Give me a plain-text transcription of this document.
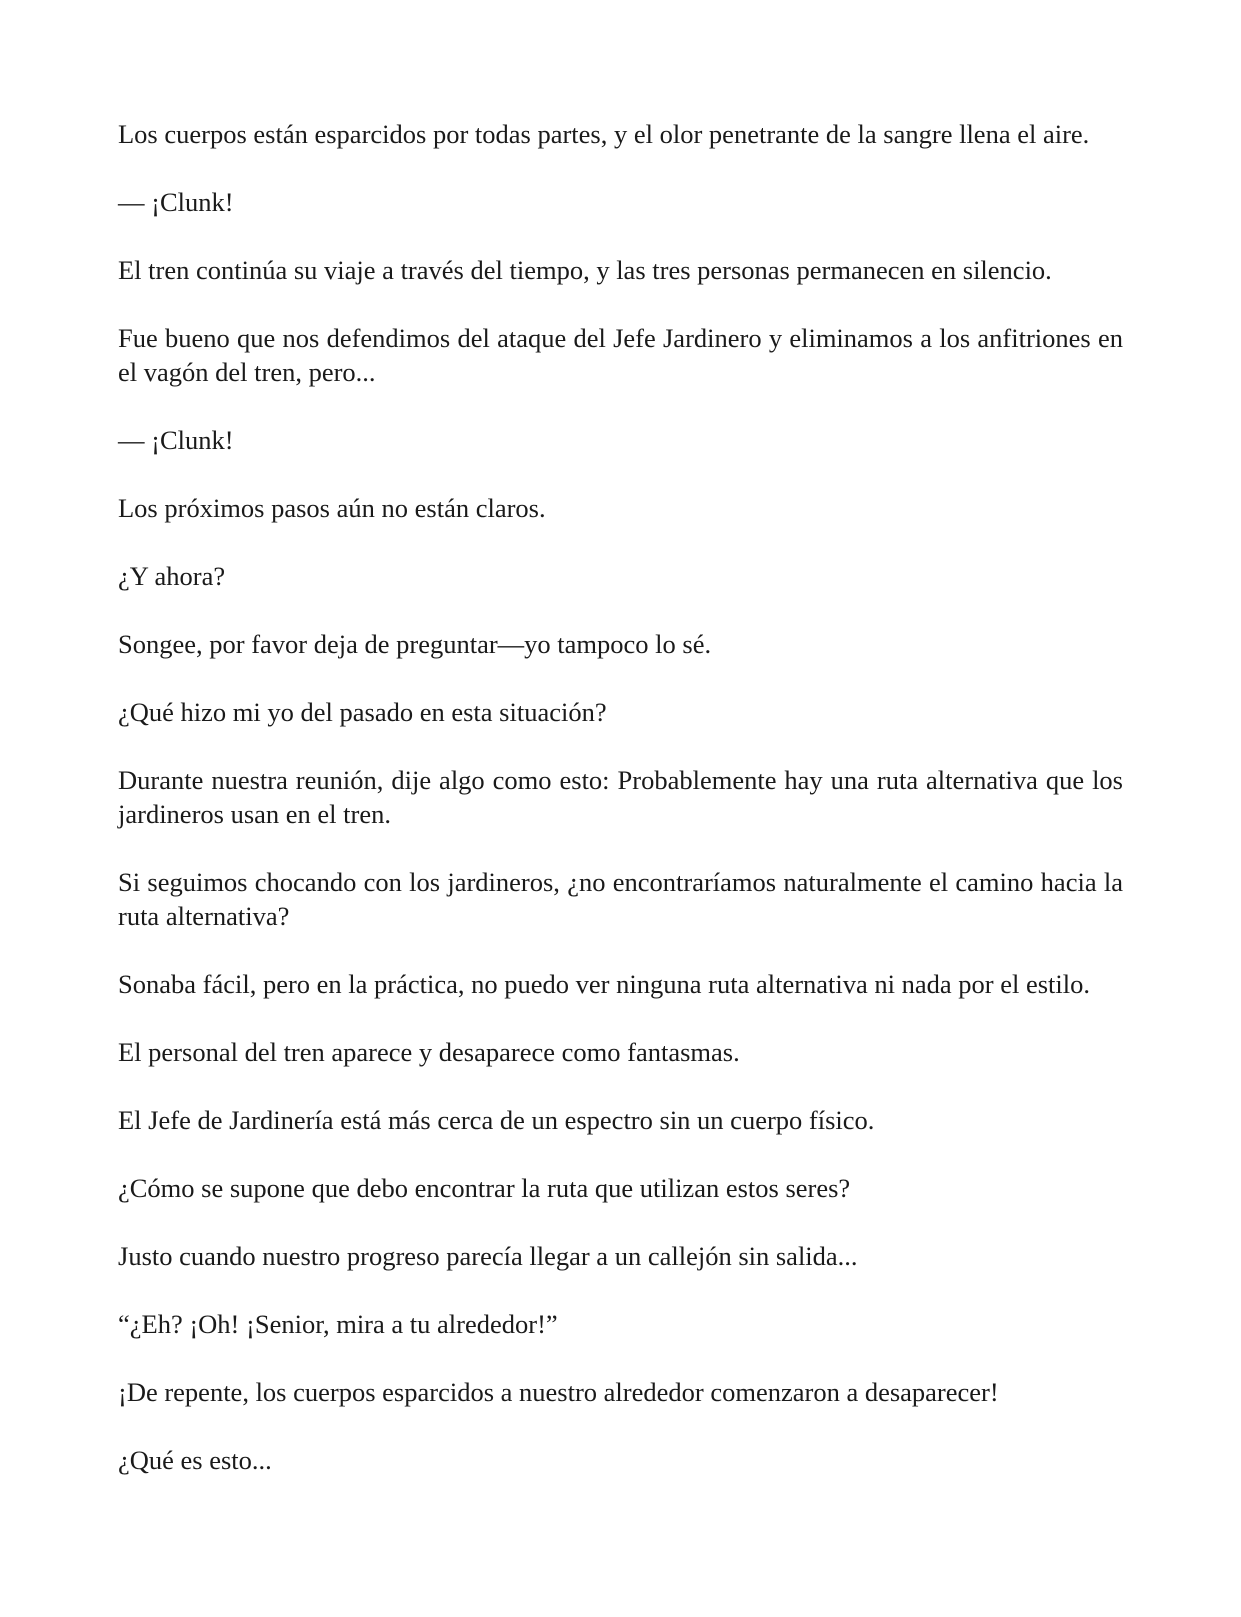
Los cuerpos están esparcidos por todas partes, y el olor penetrante de la sangre llena el aire.

— ¡Clunk!

El tren continúa su viaje a través del tiempo, y las tres personas permanecen en silencio.

Fue bueno que nos defendimos del ataque del Jefe Jardinero y eliminamos a los anfitriones en el vagón del tren, pero...

— ¡Clunk!

Los próximos pasos aún no están claros.

¿Y ahora?

Songee, por favor deja de preguntar—yo tampoco lo sé.

¿Qué hizo mi yo del pasado en esta situación?

Durante nuestra reunión, dije algo como esto: Probablemente hay una ruta alternativa que los jardineros usan en el tren.

Si seguimos chocando con los jardineros, ¿no encontraríamos naturalmente el camino hacia la ruta alternativa?

Sonaba fácil, pero en la práctica, no puedo ver ninguna ruta alternativa ni nada por el estilo.

El personal del tren aparece y desaparece como fantasmas.

El Jefe de Jardinería está más cerca de un espectro sin un cuerpo físico.

¿Cómo se supone que debo encontrar la ruta que utilizan estos seres?

Justo cuando nuestro progreso parecía llegar a un callejón sin salida...

“¿Eh? ¡Oh! ¡Senior, mira a tu alrededor!”

¡De repente, los cuerpos esparcidos a nuestro alrededor comenzaron a desaparecer!

¿Qué es esto...
